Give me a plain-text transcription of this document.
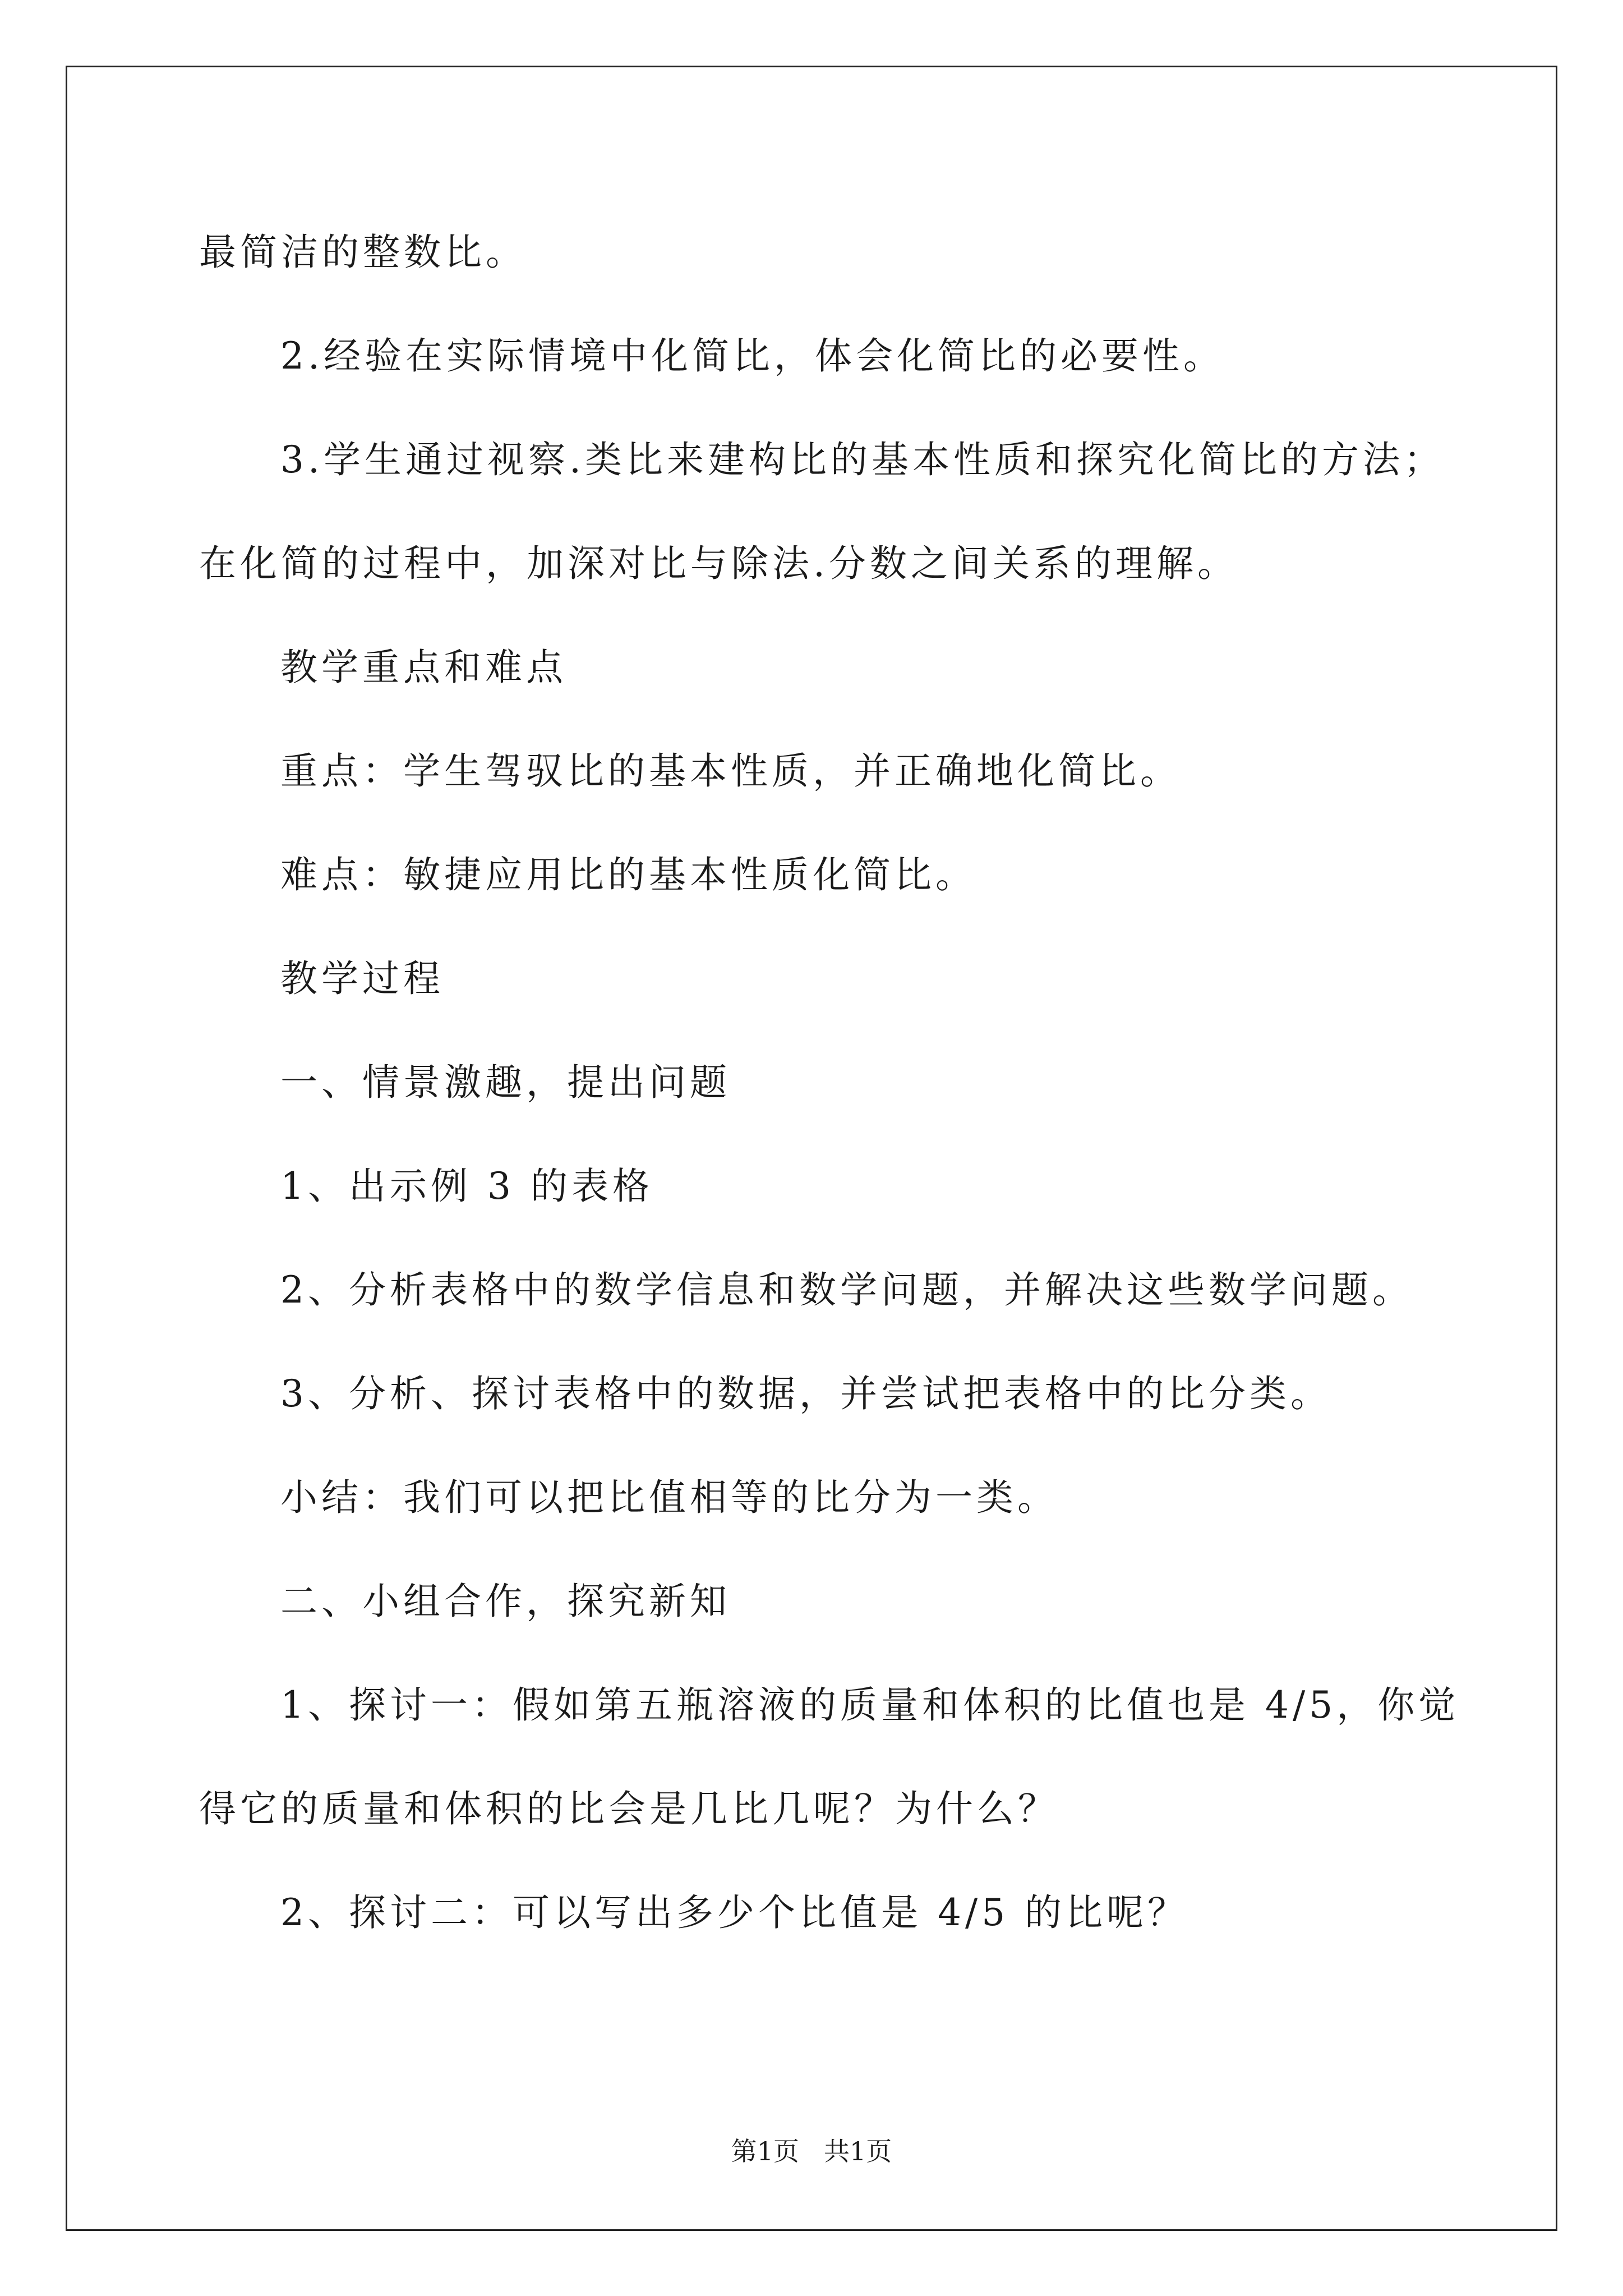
最简洁的整数比。
2.经验在实际情境中化简比，体会化简比的必要性。
3.学生通过视察.类比来建构比的基本性质和探究化简比的方法；
在化简的过程中，加深对比与除法.分数之间关系的理解。
教学重点和难点
重点：学生驾驭比的基本性质，并正确地化简比。
难点：敏捷应用比的基本性质化简比。
教学过程
一、情景激趣，提出问题
1、出示例 3 的表格
2、分析表格中的数学信息和数学问题，并解决这些数学问题。
3、分析、探讨表格中的数据，并尝试把表格中的比分类。
小结：我们可以把比值相等的比分为一类。
二、小组合作，探究新知
1、探讨一：假如第五瓶溶液的质量和体积的比值也是 4/5，你觉
得它的质量和体积的比会是几比几呢？为什么？
2、探讨二：可以写出多少个比值是 4/5 的比呢？
第1页 共1页
